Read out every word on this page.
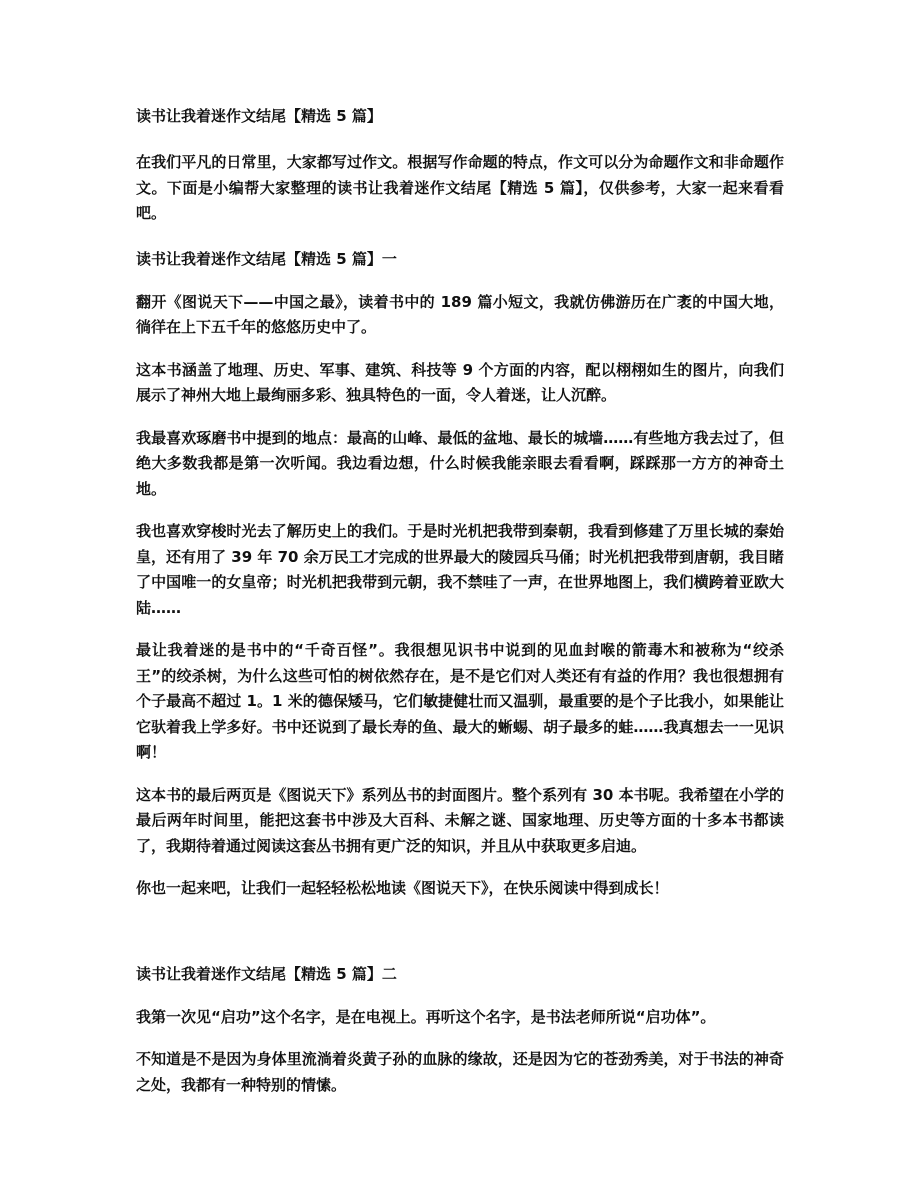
读书让我着迷作文结尾【精选 5 篇】

在我们平凡的日常里，大家都写过作文。根据写作命题的特点，作文可以分为命题作文和非命题作文。下面是小编帮大家整理的读书让我着迷作文结尾【精选 5 篇】，仅供参考，大家一起来看看吧。

读书让我着迷作文结尾【精选 5 篇】一

翻开《图说天下——中国之最》，读着书中的 189 篇小短文，我就仿佛游历在广袤的中国大地，徜徉在上下五千年的悠悠历史中了。

这本书涵盖了地理、历史、军事、建筑、科技等 9 个方面的内容，配以栩栩如生的图片，向我们展示了神州大地上最绚丽多彩、独具特色的一面，令人着迷，让人沉醉。

我最喜欢琢磨书中提到的地点：最高的山峰、最低的盆地、最长的城墙……有些地方我去过了，但绝大多数我都是第一次听闻。我边看边想，什么时候我能亲眼去看看啊，踩踩那一方方的神奇土地。

我也喜欢穿梭时光去了解历史上的我们。于是时光机把我带到秦朝，我看到修建了万里长城的秦始皇，还有用了 39 年 70 余万民工才完成的世界最大的陵园兵马俑；时光机把我带到唐朝，我目睹了中国唯一的女皇帝；时光机把我带到元朝，我不禁哇了一声，在世界地图上，我们横跨着亚欧大陆……

最让我着迷的是书中的“千奇百怪”。我很想见识书中说到的见血封喉的箭毒木和被称为“绞杀王”的绞杀树，为什么这些可怕的树依然存在，是不是它们对人类还有有益的作用？我也很想拥有个子最高不超过 1。1 米的德保矮马，它们敏捷健壮而又温驯，最重要的是个子比我小，如果能让它驮着我上学多好。书中还说到了最长寿的鱼、最大的蜥蜴、胡子最多的蛙……我真想去一一见识啊！

这本书的最后两页是《图说天下》系列丛书的封面图片。整个系列有 30 本书呢。我希望在小学的最后两年时间里，能把这套书中涉及大百科、未解之谜、国家地理、历史等方面的十多本书都读了，我期待着通过阅读这套丛书拥有更广泛的知识，并且从中获取更多启迪。

你也一起来吧，让我们一起轻轻松松地读《图说天下》，在快乐阅读中得到成长！

读书让我着迷作文结尾【精选 5 篇】二

我第一次见“启功”这个名字，是在电视上。再听这个名字，是书法老师所说“启功体”。

不知道是不是因为身体里流淌着炎黄子孙的血脉的缘故，还是因为它的苍劲秀美，对于书法的神奇之处，我都有一种特别的情愫。
